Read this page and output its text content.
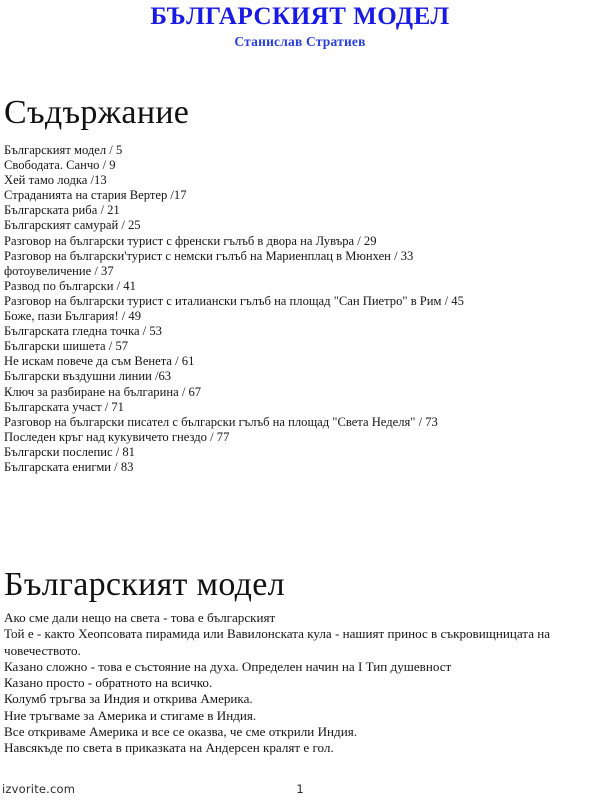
БЪЛГАРСКИЯТ МОДЕЛ
Станислав Стратиев
Съдържание
Българският модел / 5
Свободата. Санчо / 9
Хей тамо лодка /13
Страданията на стария Вертер /17
Българската риба / 21
Българският самурай / 25
Разговор на български турист с френски гълъб в двора на Лувъра / 29
Разговор на български'турист с немски гълъб на Мариенплац в Мюнхен / 33
фотоувеличение / 37
Развод по български / 41
Разговор на български турист с италиански гълъб на площад "Сан Пиетро" в Рим / 45
Боже, пази България! / 49
Българската гледна точка / 53
Български шишета / 57
Не искам повече да съм Венета / 61
Български въздушни линии /63
Ключ за разбиране на българина / 67
Българската участ / 71
Разговор на български писател с български гълъб на площад "Света Неделя" / 73
Последен кръг над кукувичето гнездо / 77
Български послепис / 81
Българската енигми / 83
Българският модел
Ако сме дали нещо на света - това е българският
Той е - както Хеопсовата пирамида или Вавилонската кула - нашият принос в съкровищницата на човечеството.
Казано сложно - това е състояние на духа. Определен начин на I Тип душевност
Казано просто - обратното на всичко.
Колумб тръгва за Индия и открива Америка.
Ние тръгваме за Америка и стигаме в Индия.
Все откриваме Америка и все се оказва, че сме открили Индия.
Навсякъде по света в приказката на Андерсен кралят е гол.
izvorite.com	1
